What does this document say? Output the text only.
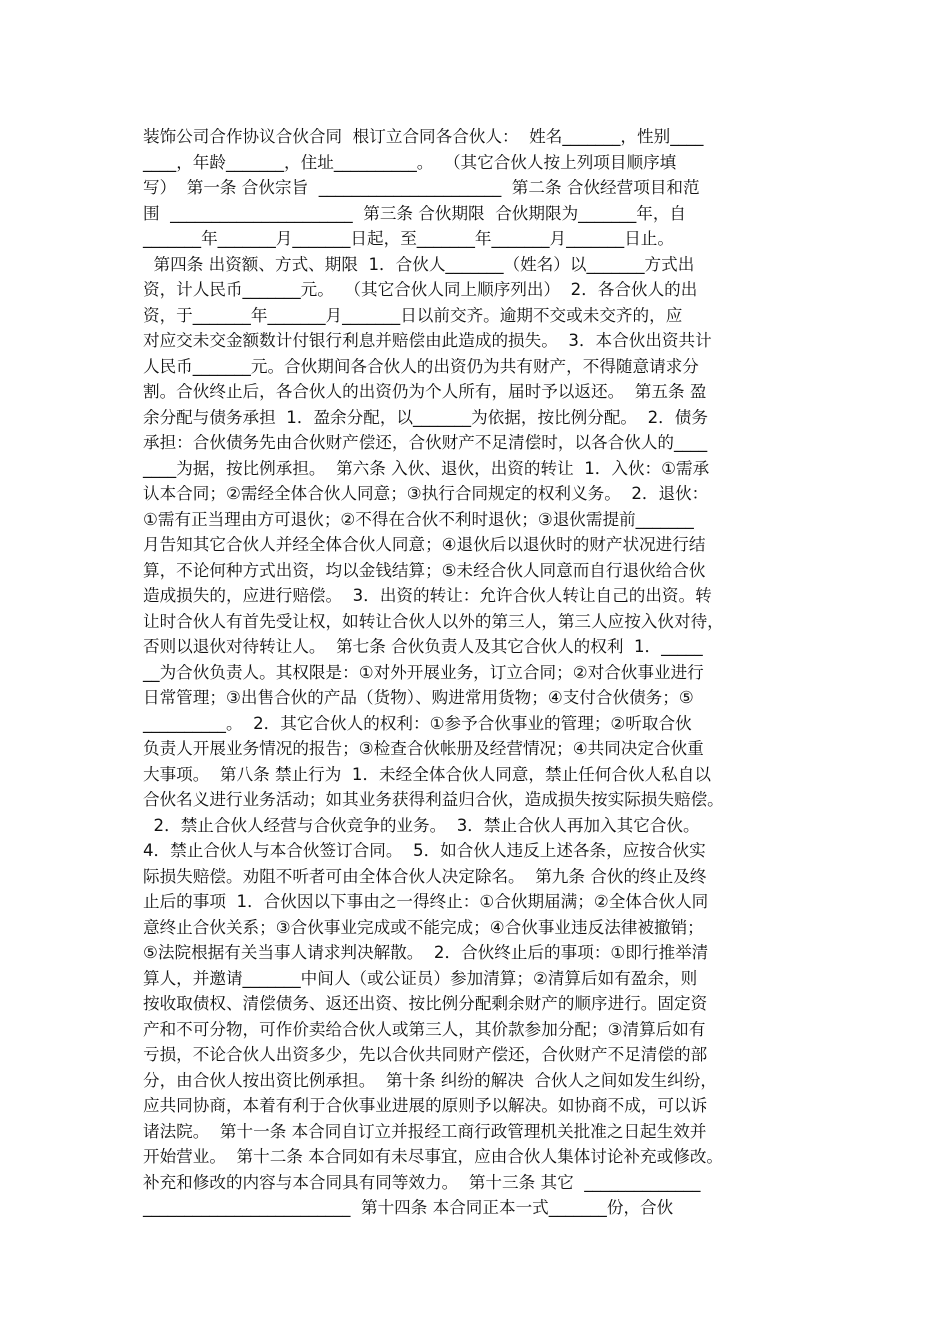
装饰公司合作协议合伙合同  根订立合同各合伙人：  姓名_______，性别____
____，年龄_______，住址__________。  （其它合伙人按上列项目顺序填
写）  第一条 合伙宗旨  ______________________  第二条 合伙经营项目和范
围  ______________________  第三条 合伙期限  合伙期限为_______年，自
_______年_______月_______日起，至_______年_______月_______日止。
第四条 出资额、方式、期限  1．合伙人_______（姓名）以_______方式出
资，计人民币_______元。  （其它合伙人同上顺序列出）  2．各合伙人的出
资，于_______年_______月_______日以前交齐。逾期不交或未交齐的，应
对应交未交金额数计付银行利息并赔偿由此造成的损失。  3．本合伙出资共计
人民币_______元。合伙期间各合伙人的出资仍为共有财产，不得随意请求分
割。合伙终止后，各合伙人的出资仍为个人所有，届时予以返还。  第五条 盈
余分配与债务承担  1．盈余分配，以_______为依据，按比例分配。  2．债务
承担：合伙债务先由合伙财产偿还，合伙财产不足清偿时，以各合伙人的____
____为据，按比例承担。  第六条 入伙、退伙，出资的转让  1．入伙：①需承
认本合同；②需经全体合伙人同意；③执行合同规定的权利义务。  2．退伙：
①需有正当理由方可退伙；②不得在合伙不利时退伙；③退伙需提前_______
月告知其它合伙人并经全体合伙人同意；④退伙后以退伙时的财产状况进行结
算，不论何种方式出资，均以金钱结算；⑤未经合伙人同意而自行退伙给合伙
造成损失的，应进行赔偿。  3．出资的转让：允许合伙人转让自己的出资。转
让时合伙人有首先受让权，如转让合伙人以外的第三人，第三人应按入伙对待，
否则以退伙对待转让人。  第七条 合伙负责人及其它合伙人的权利  1．_____
__为合伙负责人。其权限是：①对外开展业务，订立合同；②对合伙事业进行
日常管理；③出售合伙的产品（货物）、购进常用货物；④支付合伙债务；⑤
__________。  2．其它合伙人的权利：①参予合伙事业的管理；②听取合伙
负责人开展业务情况的报告；③检查合伙帐册及经营情况；④共同决定合伙重
大事项。  第八条 禁止行为  1．未经全体合伙人同意，禁止任何合伙人私自以
合伙名义进行业务活动；如其业务获得利益归合伙，造成损失按实际损失赔偿。
2．禁止合伙人经营与合伙竞争的业务。  3．禁止合伙人再加入其它合伙。
4．禁止合伙人与本合伙签订合同。  5．如合伙人违反上述各条，应按合伙实
际损失赔偿。劝阻不听者可由全体合伙人决定除名。  第九条 合伙的终止及终
止后的事项  1．合伙因以下事由之一得终止：①合伙期届满；②全体合伙人同
意终止合伙关系；③合伙事业完成或不能完成；④合伙事业违反法律被撤销；
⑤法院根据有关当事人请求判决解散。  2．合伙终止后的事项：①即行推举清
算人，并邀请_______中间人（或公证员）参加清算；②清算后如有盈余，则
按收取债权、清偿债务、返还出资、按比例分配剩余财产的顺序进行。固定资
产和不可分物，可作价卖给合伙人或第三人，其价款参加分配；③清算后如有
亏损，不论合伙人出资多少，先以合伙共同财产偿还，合伙财产不足清偿的部
分，由合伙人按出资比例承担。  第十条 纠纷的解决  合伙人之间如发生纠纷，
应共同协商，本着有利于合伙事业进展的原则予以解决。如协商不成，可以诉
诸法院。  第十一条 本合同自订立并报经工商行政管理机关批准之日起生效并
开始营业。  第十二条 本合同如有未尽事宜，应由合伙人集体讨论补充或修改。
补充和修改的内容与本合同具有同等效力。  第十三条 其它  ______________
_________________________  第十四条 本合同正本一式_______份，合伙
